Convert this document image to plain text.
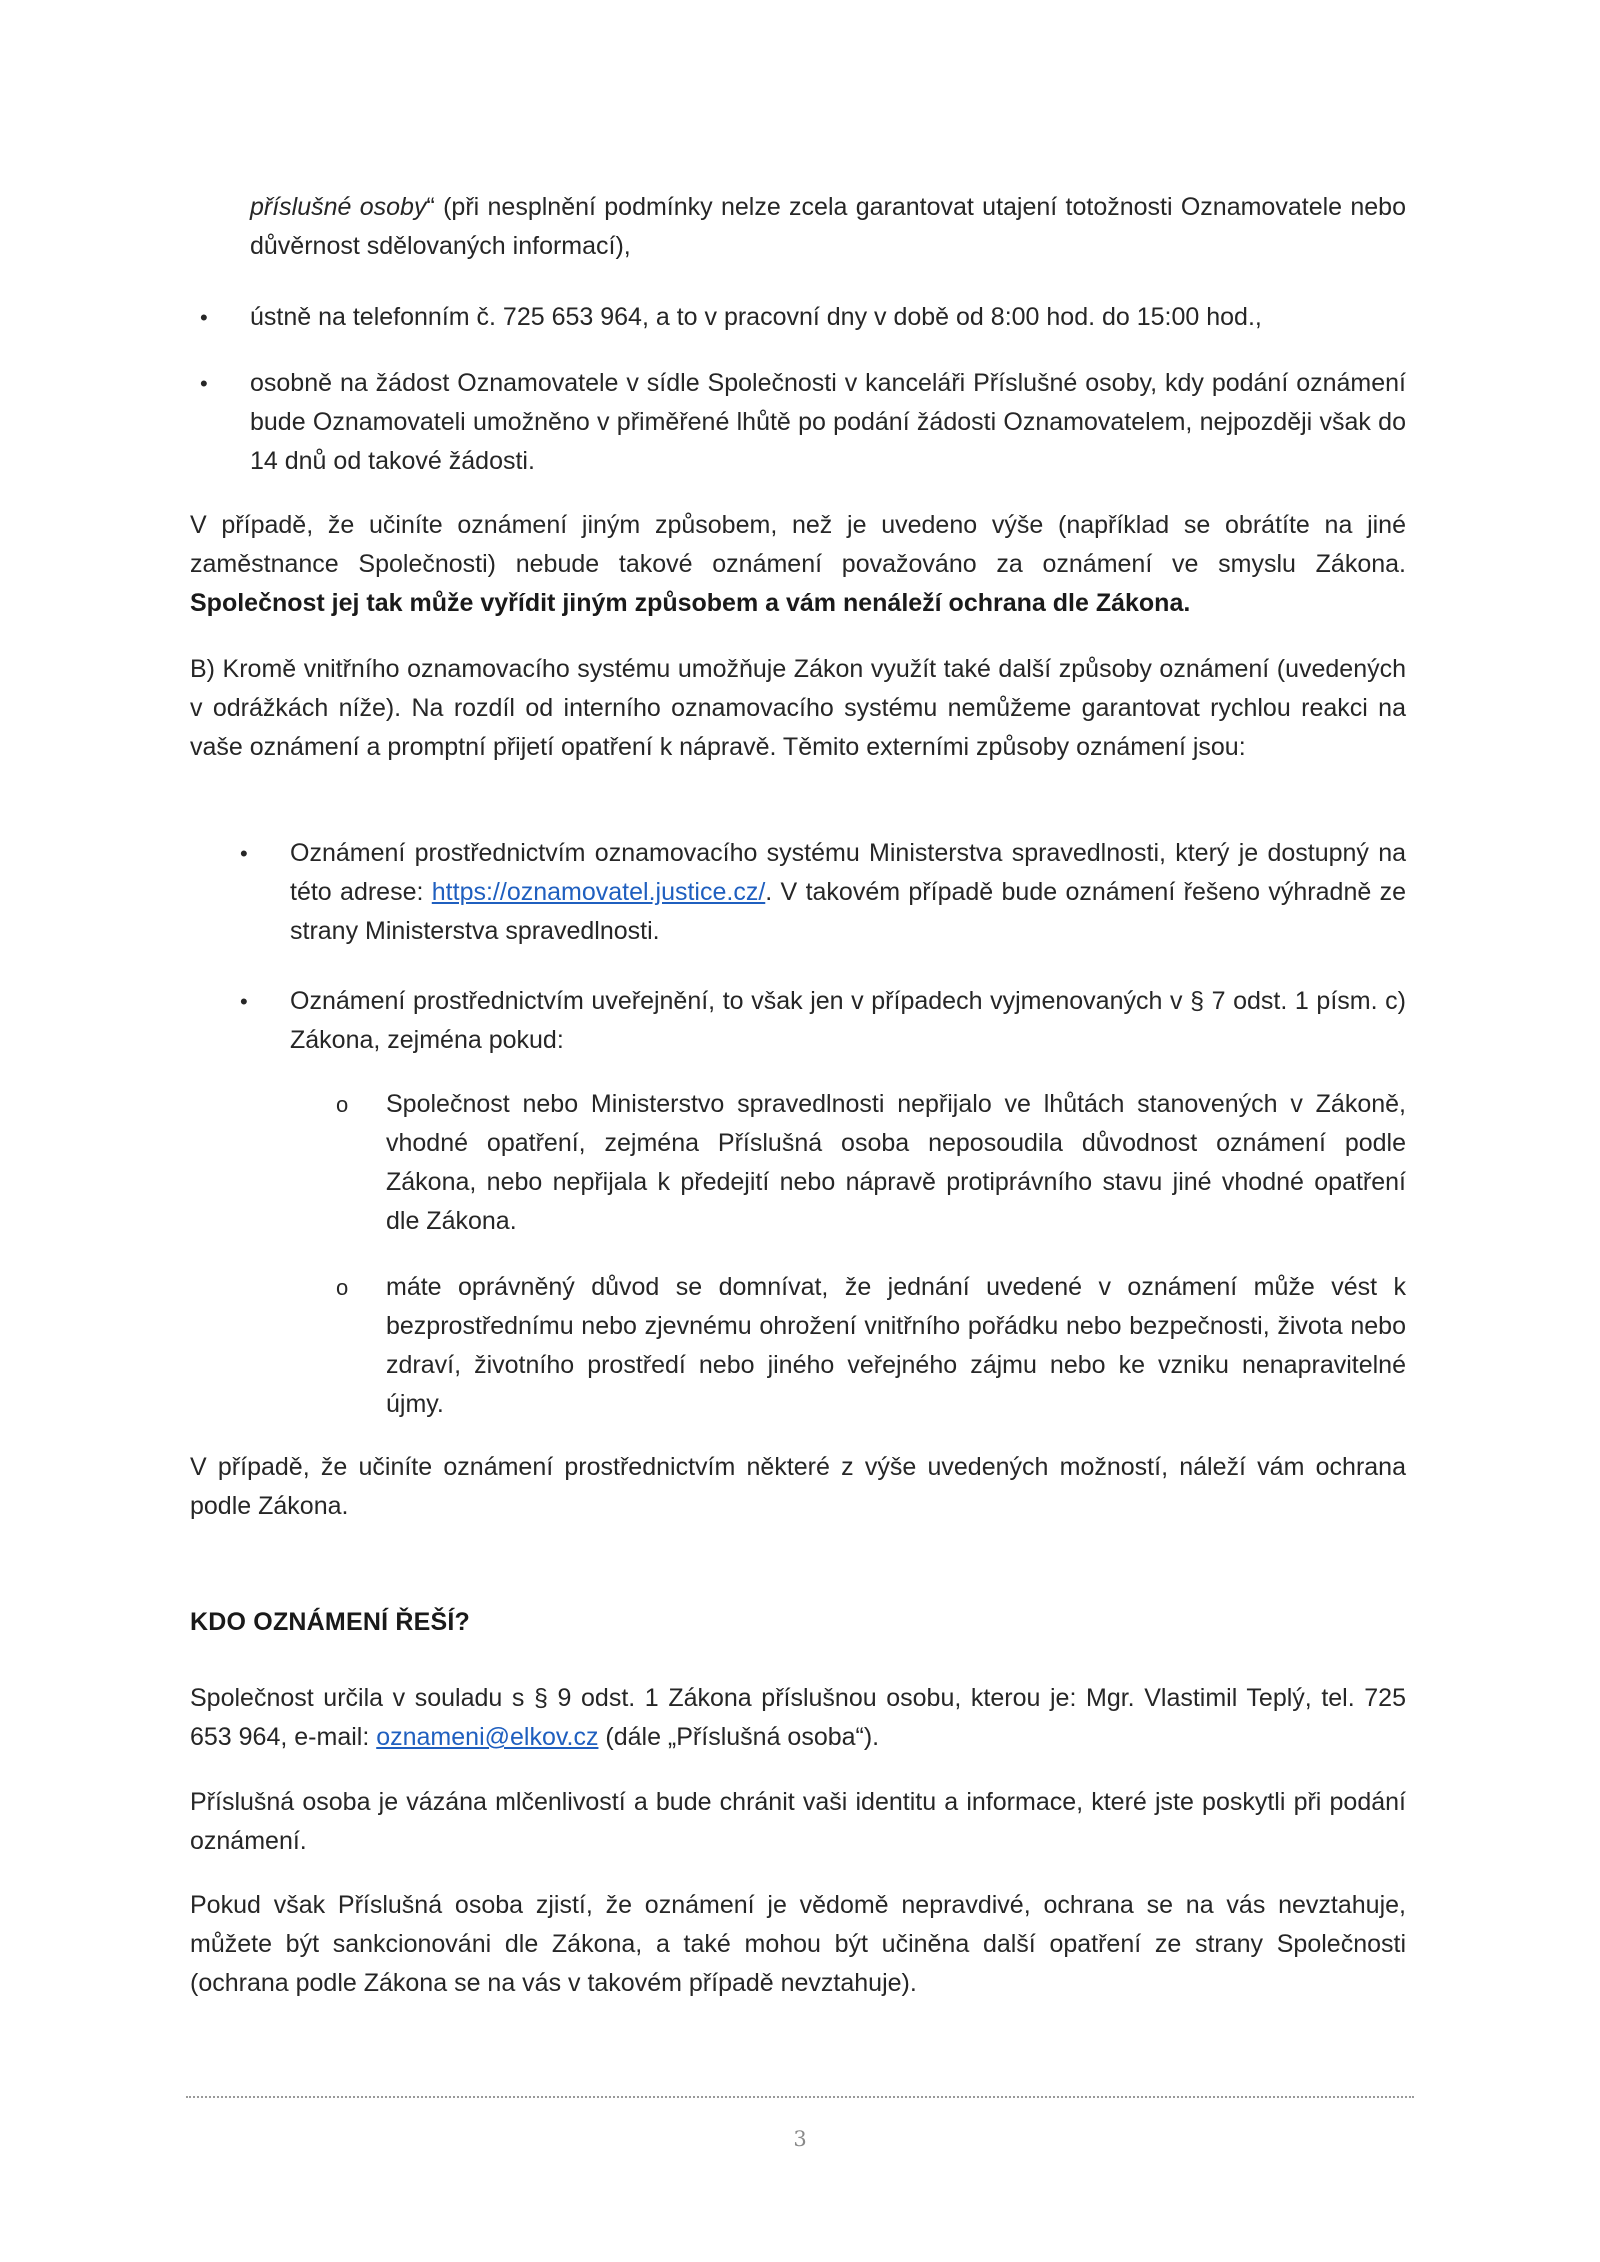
příslušné osoby“ (při nesplnění podmínky nelze zcela garantovat utajení totožnosti Oznamovatele nebo důvěrnost sdělovaných informací),

• ústně na telefonním č. 725 653 964, a to v pracovní dny v době od 8:00 hod. do 15:00 hod.,

• osobně na žádost Oznamovatele v sídle Společnosti v kanceláři Příslušné osoby, kdy podání oznámení bude Oznamovateli umožněno v přiměřené lhůtě po podání žádosti Oznamovatelem, nejpozději však do 14 dnů od takové žádosti.

V případě, že učiníte oznámení jiným způsobem, než je uvedeno výše (například se obrátíte na jiné zaměstnance Společnosti) nebude takové oznámení považováno za oznámení ve smyslu Zákona. Společnost jej tak může vyřídit jiným způsobem a vám nenáleží ochrana dle Zákona.

B) Kromě vnitřního oznamovacího systému umožňuje Zákon využít také další způsoby oznámení (uvedených v odrážkách níže). Na rozdíl od interního oznamovacího systému nemůžeme garantovat rychlou reakci na vaše oznámení a promptní přijetí opatření k nápravě. Těmito externími způsoby oznámení jsou:

• Oznámení prostřednictvím oznamovacího systému Ministerstva spravedlnosti, který je dostupný na této adrese: https://oznamovatel.justice.cz/. V takovém případě bude oznámení řešeno výhradně ze strany Ministerstva spravedlnosti.

• Oznámení prostřednictvím uveřejnění, to však jen v případech vyjmenovaných v § 7 odst. 1 písm. c) Zákona, zejména pokud:

o Společnost nebo Ministerstvo spravedlnosti nepřijalo ve lhůtách stanovených v Zákoně, vhodné opatření, zejména Příslušná osoba neposoudila důvodnost oznámení podle Zákona, nebo nepřijala k předejití nebo nápravě protiprávního stavu jiné vhodné opatření dle Zákona.

o máte oprávněný důvod se domnívat, že jednání uvedené v oznámení může vést k bezprostřednímu nebo zjevnému ohrožení vnitřního pořádku nebo bezpečnosti, života nebo zdraví, životního prostředí nebo jiného veřejného zájmu nebo ke vzniku nenapravitelné újmy.

V případě, že učiníte oznámení prostřednictvím některé z výše uvedených možností, náleží vám ochrana podle Zákona.

KDO OZNÁMENÍ ŘEŠÍ?

Společnost určila v souladu s § 9 odst. 1 Zákona příslušnou osobu, kterou je: Mgr. Vlastimil Teplý, tel. 725 653 964, e-mail: oznameni@elkov.cz (dále „Příslušná osoba“).

Příslušná osoba je vázána mlčenlivostí a bude chránit vaši identitu a informace, které jste poskytli při podání oznámení.

Pokud však Příslušná osoba zjistí, že oznámení je vědomě nepravdivé, ochrana se na vás nevztahuje, můžete být sankcionováni dle Zákona, a také mohou být učiněna další opatření ze strany Společnosti (ochrana podle Zákona se na vás v takovém případě nevztahuje).

3
